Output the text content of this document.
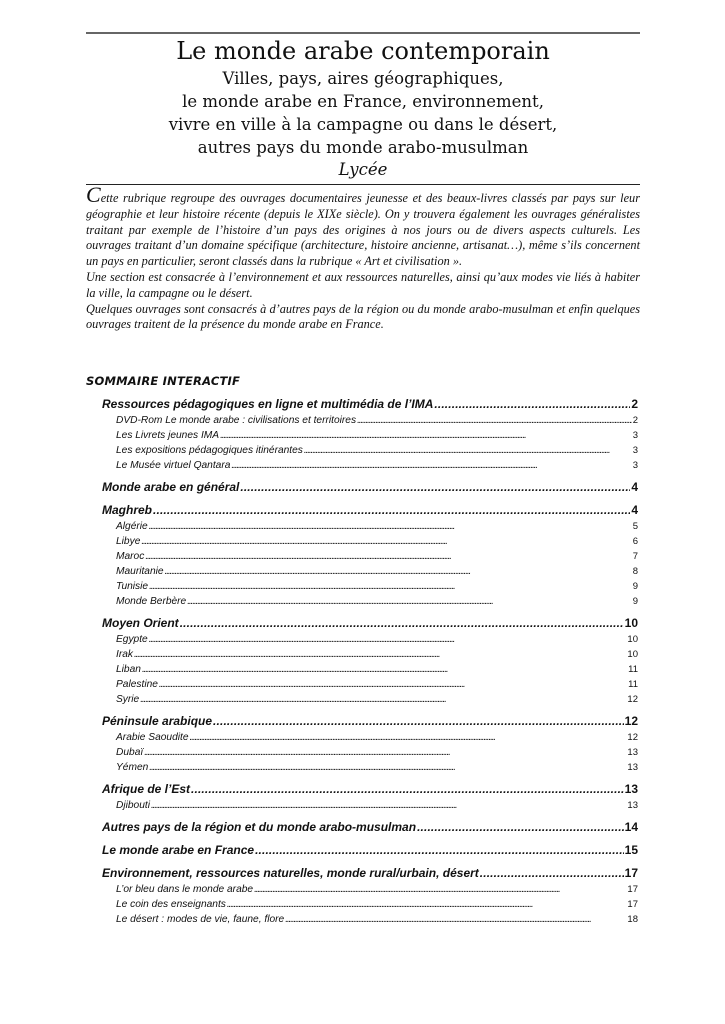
Le monde arabe contemporain

Villes, pays, aires géographiques,

le monde arabe en France, environnement,

vivre en ville à la campagne ou dans le désert,

autres pays du monde arabo-musulman

Lycée

Cette rubrique regroupe des ouvrages documentaires jeunesse et des beaux-livres classés par pays sur leur géographie et leur histoire récente (depuis le XIXe siècle). On y trouvera également les ouvrages généralistes traitant par exemple de l’histoire d’un pays des origines à nos jours ou de divers aspects culturels. Les ouvrages traitant d’un domaine spécifique (architecture, histoire ancienne, artisanat…), même s’ils concernent un pays en particulier, seront classés dans la rubrique « Art et civilisation ».

Une section est consacrée à l’environnement et aux ressources naturelles, ainsi qu’aux modes vie liés à habiter la ville, la campagne ou le désert.

Quelques ouvrages sont consacrés à d’autres pays de la région ou du monde arabo-musulman et enfin quelques ouvrages traitent de la présence du monde arabe en France.

SOMMAIRE INTERACTIF
Ressources pédagogiques en ligne et multimédia de l’IMA . . .	2
DVD-Rom Le monde arabe : civilisations et territoires . . .	2
Les Livrets jeunes IMA . . .	3
Les expositions pédagogiques itinérantes . . .	3
Le Musée virtuel Qantara . . .	3
Monde arabe en général . . .	4
Maghreb . . .	4
Algérie . . .	5
Libye . . .	6
Maroc . . .	7
Mauritanie . . .	8
Tunisie . . .	9
Monde Berbère . . .	9
Moyen Orient . . .	10
Egypte . . .	10
Irak . . .	10
Liban . . .	11
Palestine . . .	11
Syrie . . .	12
Péninsule arabique . . .	12
Arabie Saoudite . . .	12
Dubaï . . .	13
Yémen . . .	13
Afrique de l’Est . . .	13
Djibouti . . .	13
Autres pays de la région et du monde arabo-musulman . . .	14
Le monde arabe en France . . .	15
Environnement, ressources naturelles, monde rural/urbain, désert . . .	17
L’or bleu dans le monde arabe . . .	17
Le coin des enseignants . . .	17
Le désert : modes de vie, faune, flore . . .	18
